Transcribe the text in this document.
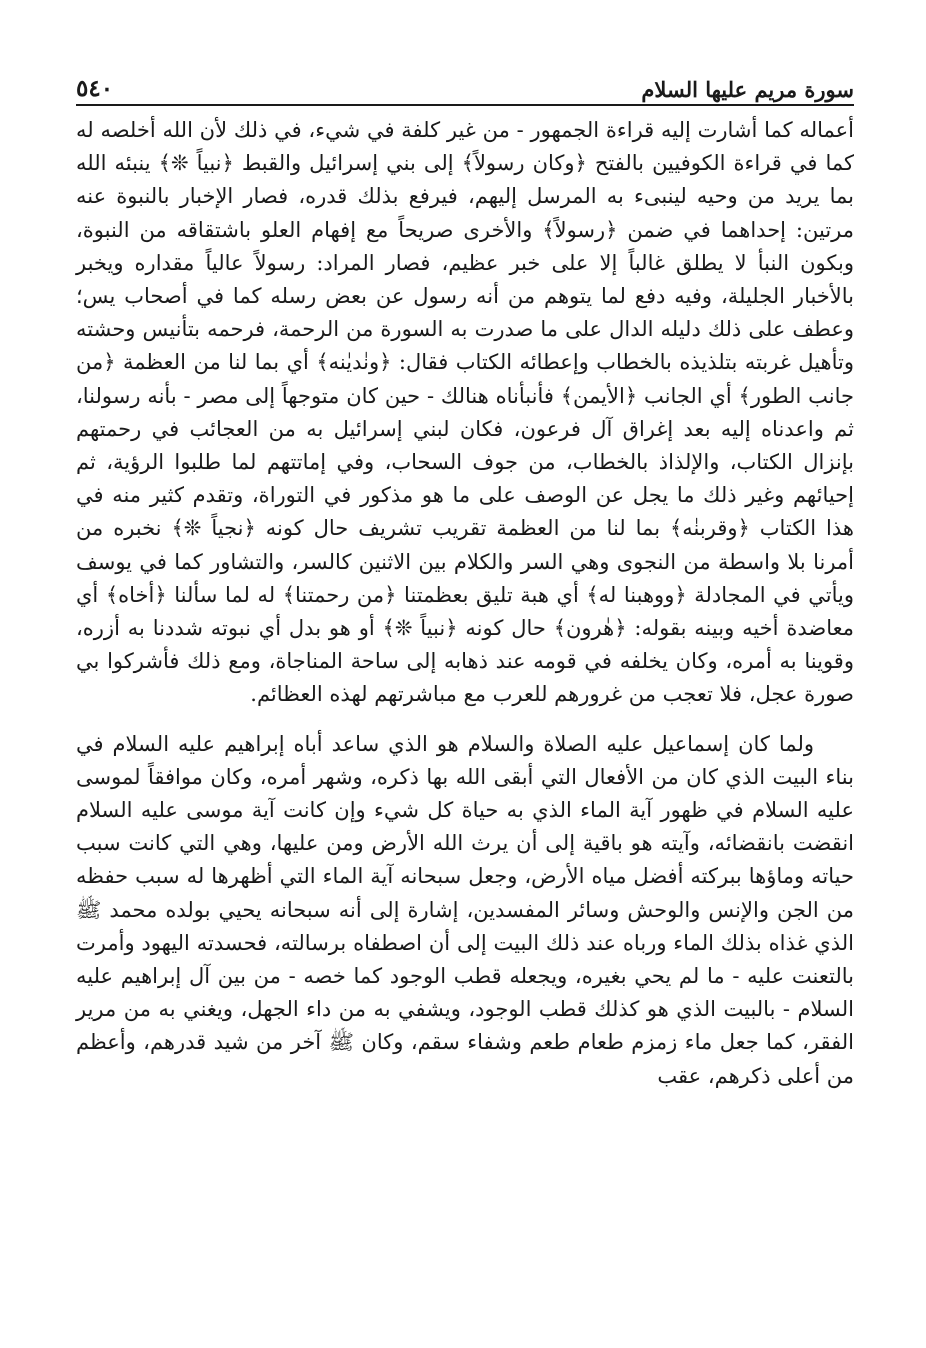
سورة مريم عليها السلام
٥٤٠

أعماله كما أشارت إليه قراءة الجمهور - من غير كلفة في شيء، في ذلك لأن الله أخلصه له كما في قراءة الكوفيين بالفتح ﴿وكان رسولاً﴾ إلى بني إسرائيل والقبط ﴿نبياً ❊﴾ ينبئه الله بما يريد من وحيه لينبىء به المرسل إليهم، فيرفع بذلك قدره، فصار الإخبار بالنبوة عنه مرتين: إحداهما في ضمن ﴿رسولاً﴾ والأخرى صريحاً مع إفهام العلو باشتقاقه من النبوة، وبكون النبأ لا يطلق غالباً إلا على خبر عظيم، فصار المراد: رسولاً عالياً مقداره ويخبر بالأخبار الجليلة، وفيه دفع لما يتوهم من أنه رسول عن بعض رسله كما في أصحاب يس؛ وعطف على ذلك دليله الدال على ما صدرت به السورة من الرحمة، فرحمه بتأنيس وحشته وتأهيل غربته بتلذيذه بالخطاب وإعطائه الكتاب فقال: ﴿ونٰديٰنه﴾ أي بما لنا من العظمة ﴿من جانب الطور﴾ أي الجانب ﴿الأيمن﴾ فأنبأناه هنالك - حين كان متوجهاً إلى مصر - بأنه رسولنا، ثم واعدناه إليه بعد إغراق آل فرعون، فكان لبني إسرائيل به من العجائب في رحمتهم بإنزال الكتاب، والإلذاذ بالخطاب، من جوف السحاب، وفي إماتتهم لما طلبوا الرؤية، ثم إحيائهم وغير ذلك ما يجل عن الوصف على ما هو مذكور في التوراة، وتقدم كثير منه في هذا الكتاب ﴿وقربنٰه﴾ بما لنا من العظمة تقريب تشريف حال كونه ﴿نجياً ❊﴾ نخبره من أمرنا بلا واسطة من النجوى وهي السر والكلام بين الاثنين كالسر، والتشاور كما في يوسف ويأتي في المجادلة ﴿ووهبنا له﴾ أي هبة تليق بعظمتنا ﴿من رحمتنا﴾ له لما سألنا ﴿أخاه﴾ أي معاضدة أخيه وبينه بقوله: ﴿هٰرون﴾ حال كونه ﴿نبياً ❊﴾ أو هو بدل أي نبوته شددنا به أزره، وقوينا به أمره، وكان يخلفه في قومه عند ذهابه إلى ساحة المناجاة، ومع ذلك فأشركوا بي صورة عجل، فلا تعجب من غرورهم للعرب مع مباشرتهم لهذه العظائم.

ولما كان إسماعيل عليه الصلاة والسلام هو الذي ساعد أباه إبراهيم عليه السلام في بناء البيت الذي كان من الأفعال التي أبقى الله بها ذكره، وشهر أمره، وكان موافقاً لموسى عليه السلام في ظهور آية الماء الذي به حياة كل شيء وإن كانت آية موسى عليه السلام انقضت بانقضائه، وآيته هو باقية إلى أن يرث الله الأرض ومن عليها، وهي التي كانت سبب حياته وماؤها ببركته أفضل مياه الأرض، وجعل سبحانه آية الماء التي أظهرها له سبب حفظه من الجن والإنس والوحش وسائر المفسدين، إشارة إلى أنه سبحانه يحيي بولده محمد ﷺ الذي غذاه بذلك الماء ورباه عند ذلك البيت إلى أن اصطفاه برسالته، فحسدته اليهود وأمرت بالتعنت عليه - ما لم يحي بغيره، ويجعله قطب الوجود كما خصه - من بين آل إبراهيم عليه السلام - بالبيت الذي هو كذلك قطب الوجود، ويشفي به من داء الجهل، ويغني به من مرير الفقر، كما جعل ماء زمزم طعام طعم وشفاء سقم، وكان ﷺ آخر من شيد قدرهم، وأعظم من أعلى ذكرهم، عقب
